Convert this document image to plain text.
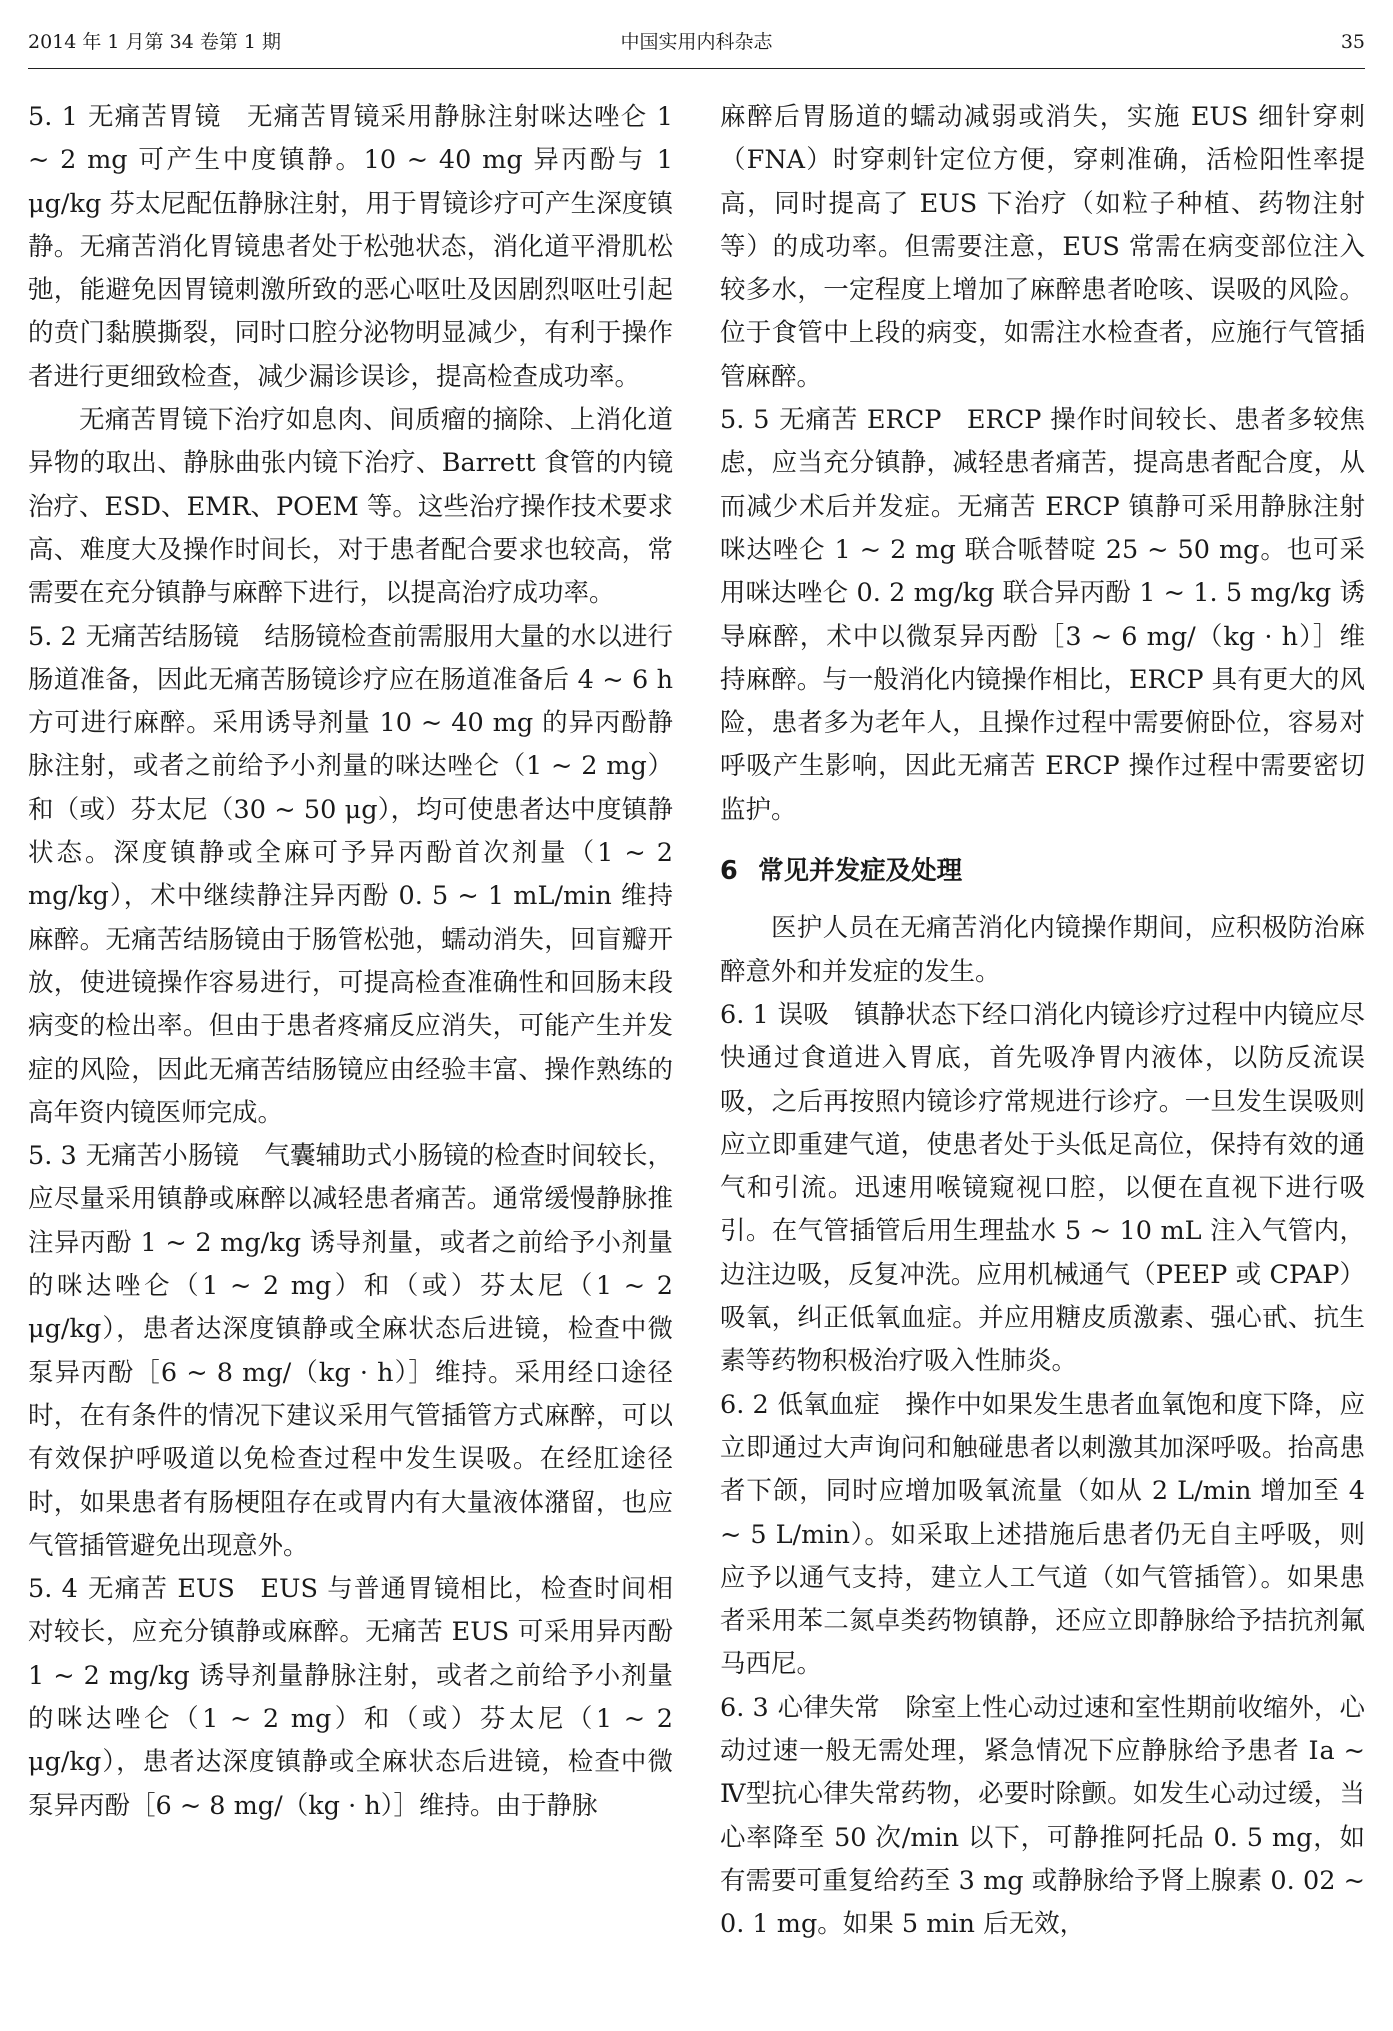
2014 年 1 月第 34 卷第 1 期	中国实用内科杂志	35

5. 1 无痛苦胃镜 无痛苦胃镜采用静脉注射咪达唑仑 1 ~ 2 mg 可产生中度镇静。10 ~ 40 mg 异丙酚与 1 μg/kg 芬太尼配伍静脉注射，用于胃镜诊疗可产生深度镇静。无痛苦消化胃镜患者处于松弛状态，消化道平滑肌松弛，能避免因胃镜刺激所致的恶心呕吐及因剧烈呕吐引起的贲门黏膜撕裂，同时口腔分泌物明显减少，有利于操作者进行更细致检查，减少漏诊误诊，提高检查成功率。

无痛苦胃镜下治疗如息肉、间质瘤的摘除、上消化道异物的取出、静脉曲张内镜下治疗、Barrett 食管的内镜治疗、ESD、EMR、POEM 等。这些治疗操作技术要求高、难度大及操作时间长，对于患者配合要求也较高，常需要在充分镇静与麻醉下进行，以提高治疗成功率。

5. 2 无痛苦结肠镜 结肠镜检查前需服用大量的水以进行肠道准备，因此无痛苦肠镜诊疗应在肠道准备后 4 ~ 6 h 方可进行麻醉。采用诱导剂量 10 ~ 40 mg 的异丙酚静脉注射，或者之前给予小剂量的咪达唑仑（1 ~ 2 mg）和（或）芬太尼（30 ~ 50 μg），均可使患者达中度镇静状态。深度镇静或全麻可予异丙酚首次剂量（1 ~ 2 mg/kg），术中继续静注异丙酚 0. 5 ~ 1 mL/min 维持麻醉。无痛苦结肠镜由于肠管松弛，蠕动消失，回盲瓣开放，使进镜操作容易进行，可提高检查准确性和回肠末段病变的检出率。但由于患者疼痛反应消失，可能产生并发症的风险，因此无痛苦结肠镜应由经验丰富、操作熟练的高年资内镜医师完成。

5. 3 无痛苦小肠镜 气囊辅助式小肠镜的检查时间较长，应尽量采用镇静或麻醉以减轻患者痛苦。通常缓慢静脉推注异丙酚 1 ~ 2 mg/kg 诱导剂量，或者之前给予小剂量的咪达唑仑（1 ~ 2 mg）和（或）芬太尼（1 ~ 2 μg/kg），患者达深度镇静或全麻状态后进镜，检查中微泵异丙酚［6 ~ 8 mg/（kg · h）］维持。采用经口途径时，在有条件的情况下建议采用气管插管方式麻醉，可以有效保护呼吸道以免检查过程中发生误吸。在经肛途径时，如果患者有肠梗阻存在或胃内有大量液体潴留，也应气管插管避免出现意外。

5. 4 无痛苦 EUS EUS 与普通胃镜相比，检查时间相对较长，应充分镇静或麻醉。无痛苦 EUS 可采用异丙酚 1 ~ 2 mg/kg 诱导剂量静脉注射，或者之前给予小剂量的咪达唑仑（1 ~ 2 mg）和（或）芬太尼（1 ~ 2 μg/kg），患者达深度镇静或全麻状态后进镜，检查中微泵异丙酚［6 ~ 8 mg/（kg · h）］维持。由于静脉

麻醉后胃肠道的蠕动减弱或消失，实施 EUS 细针穿刺（FNA）时穿刺针定位方便，穿刺准确，活检阳性率提高，同时提高了 EUS 下治疗（如粒子种植、药物注射等）的成功率。但需要注意，EUS 常需在病变部位注入较多水，一定程度上增加了麻醉患者呛咳、误吸的风险。位于食管中上段的病变，如需注水检查者，应施行气管插管麻醉。

5. 5 无痛苦 ERCP ERCP 操作时间较长、患者多较焦虑，应当充分镇静，减轻患者痛苦，提高患者配合度，从而减少术后并发症。无痛苦 ERCP 镇静可采用静脉注射咪达唑仑 1 ~ 2 mg 联合哌替啶 25 ~ 50 mg。也可采用咪达唑仑 0. 2 mg/kg 联合异丙酚 1 ~ 1. 5 mg/kg 诱导麻醉，术中以微泵异丙酚［3 ~ 6 mg/（kg · h）］维持麻醉。与一般消化内镜操作相比，ERCP 具有更大的风险，患者多为老年人，且操作过程中需要俯卧位，容易对呼吸产生影响，因此无痛苦 ERCP 操作过程中需要密切监护。

6 常见并发症及处理

医护人员在无痛苦消化内镜操作期间，应积极防治麻醉意外和并发症的发生。

6. 1 误吸 镇静状态下经口消化内镜诊疗过程中内镜应尽快通过食道进入胃底，首先吸净胃内液体，以防反流误吸，之后再按照内镜诊疗常规进行诊疗。一旦发生误吸则应立即重建气道，使患者处于头低足高位，保持有效的通气和引流。迅速用喉镜窥视口腔，以便在直视下进行吸引。在气管插管后用生理盐水 5 ~ 10 mL 注入气管内，边注边吸，反复冲洗。应用机械通气（PEEP 或 CPAP）吸氧，纠正低氧血症。并应用糖皮质激素、强心甙、抗生素等药物积极治疗吸入性肺炎。

6. 2 低氧血症 操作中如果发生患者血氧饱和度下降，应立即通过大声询问和触碰患者以刺激其加深呼吸。抬高患者下颌，同时应增加吸氧流量（如从 2 L/min 增加至 4 ~ 5 L/min）。如采取上述措施后患者仍无自主呼吸，则应予以通气支持，建立人工气道（如气管插管）。如果患者采用苯二氮卓类药物镇静，还应立即静脉给予拮抗剂氟马西尼。

6. 3 心律失常 除室上性心动过速和室性期前收缩外，心动过速一般无需处理，紧急情况下应静脉给予患者 Ⅰa ~ Ⅳ型抗心律失常药物，必要时除颤。如发生心动过缓，当心率降至 50 次/min 以下，可静推阿托品 0. 5 mg，如有需要可重复给药至 3 mg 或静脉给予肾上腺素 0. 02 ~ 0. 1 mg。如果 5 min 后无效，
